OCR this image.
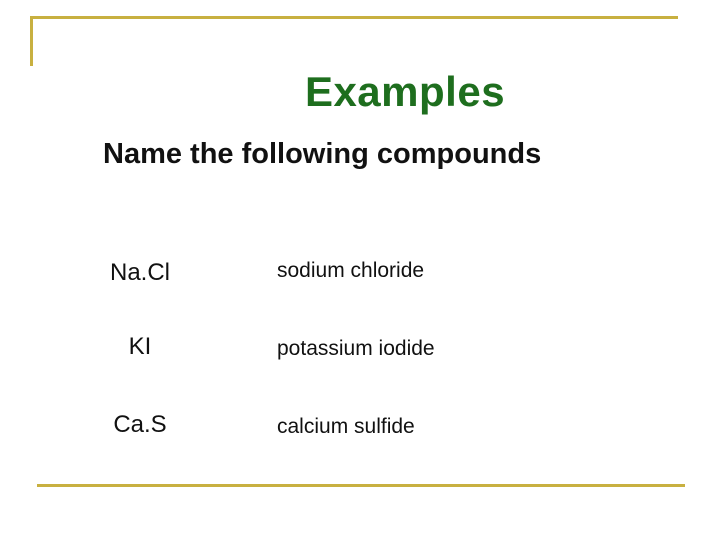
Examples
Name the following compounds
Na.Cl	sodium chloride
KI	potassium iodide
Ca.S	calcium sulfide
